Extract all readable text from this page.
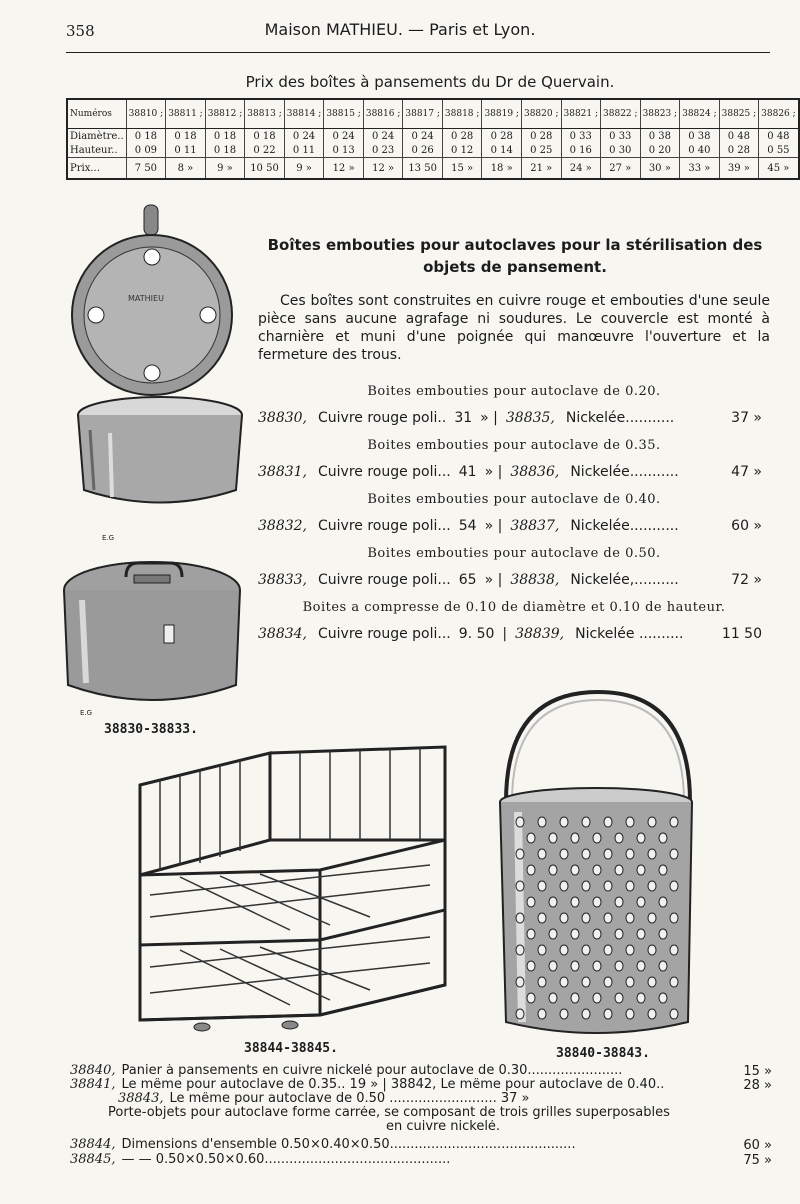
358	Maison MATHIEU. — Paris et Lyon.
Prix des boîtes à pansements du Dr de Quervain.
Numéros	38810 ;	38811 ;	38812 ;	38813 ;	38814 ;	38815 ;	38816 ;	38817 ;	38818 ;	38819 ;	38820 ;	38821 ;	38822 ;	38823 ;	38824 ;	38825 ;	38826 ;
Diamètre..	0 18	0 18	0 18	0 18	0 24	0 24	0 24	0 24	0 28	0 28	0 28	0 33	0 33	0 38	0 38	0 48	0 48
Hauteur..	0 09	0 11	0 18	0 22	0 11	0 13	0 23	0 26	0 12	0 14	0 25	0 16	0 30	0 20	0 40	0 28	0 55
Prix...	7 50	8 »	9 »	10 50	9 »	12 »	12 »	13 50	15 »	18 »	21 »	24 »	27 »	30 »	33 »	39 »	45 »
MATHIEU
E.G
E.G
38830-38833.
Boîtes embouties pour autoclaves pour la stérilisation des objets de pansement.
Ces boîtes sont construites en cuivre rouge et embouties d'une seule pièce sans aucune agrafage ni soudures. Le couvercle est monté à charnière et muni d'une poignée qui manœuvre l'ouverture et la fermeture des trous.
Boites embouties pour autoclave de 0.20.
38830, Cuivre rouge poli.. 31 » | 38835, Nickelée...........	37 »
Boites embouties pour autoclave de 0.35.
38831, Cuivre rouge poli... 41 » | 38836, Nickelée...........	47 »
Boites embouties pour autoclave de 0.40.
38832, Cuivre rouge poli... 54 » | 38837, Nickelée...........	60 »
Boites embouties pour autoclave de 0.50.
38833, Cuivre rouge poli... 65 » | 38838, Nickelée,..........	72 »
Boites a compresse de 0.10 de diamètre et 0.10 de hauteur.
38834, Cuivre rouge poli... 9. 50 | 38839, Nickelée ..........	11 50
38844-38845.	38840-38843.
38840, Panier à pansements en cuivre nickelé pour autoclave de 0.30.......................	15 »
38841, Le même pour autoclave de 0.35.. 19 » | 38842, Le même pour autoclave de 0.40..	28 »
38843, Le même pour autoclave de 0.50 .......................... 37 »
Porte-objets pour autoclave forme carrée, se composant de trois grilles superposables
en cuivre nickelé.
38844, Dimensions d'ensemble 0.50×0.40×0.50.............................................	60 »
38845, — — 0.50×0.50×0.60.............................................	75 »
